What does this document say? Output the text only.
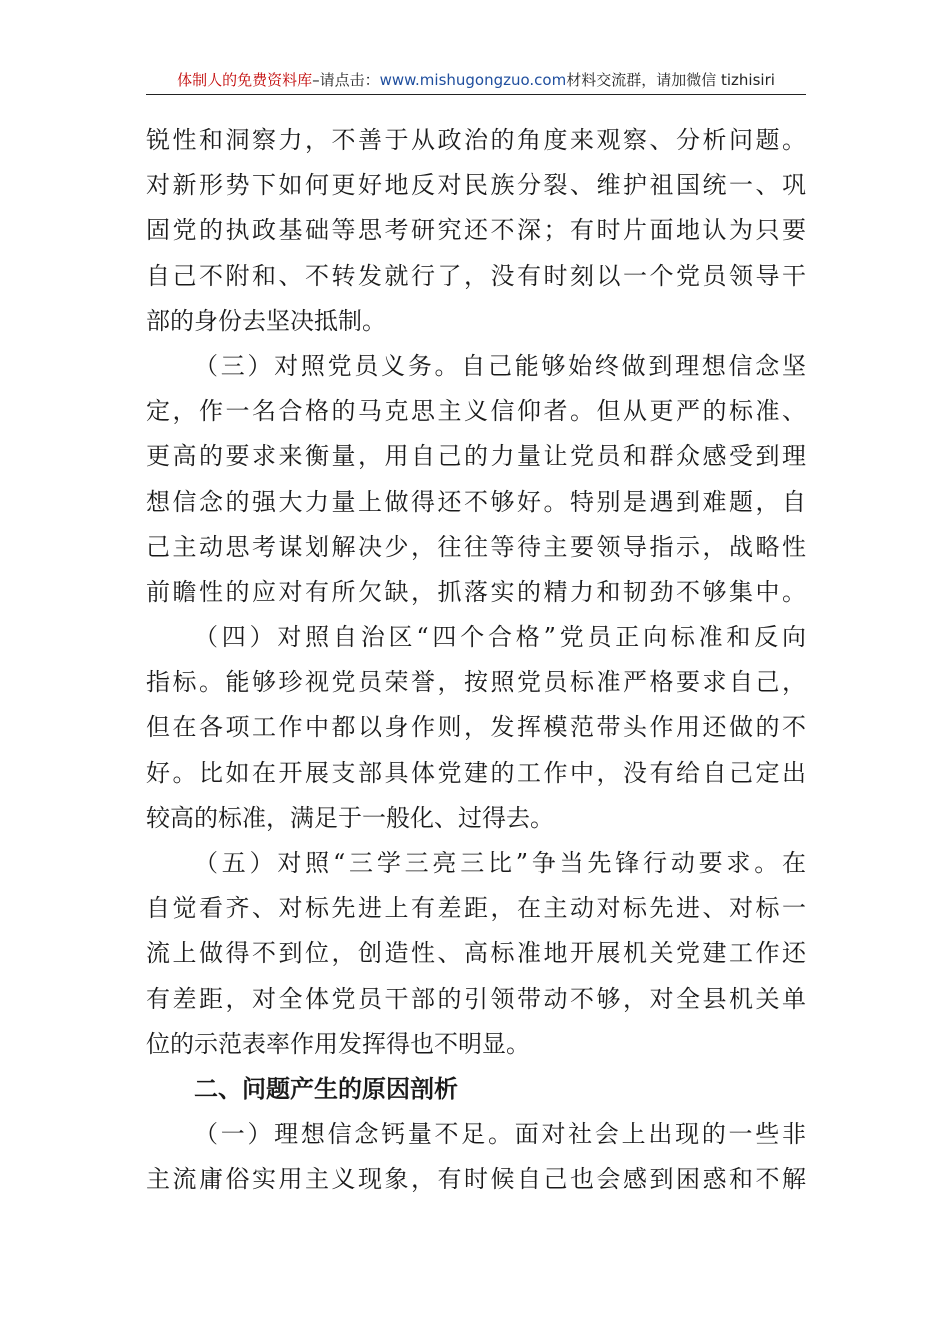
体制人的免费资料库–请点击：www.mishugongzuo.com材料交流群，请加微信 tizhisiri
锐性和洞察力，不善于从政治的角度来观察、分析问题。
对新形势下如何更好地反对民族分裂、维护祖国统一、巩
固党的执政基础等思考研究还不深；有时片面地认为只要
自己不附和、不转发就行了，没有时刻以一个党员领导干
部的身份去坚决抵制。
（三）对照党员义务。自己能够始终做到理想信念坚
定，作一名合格的马克思主义信仰者。但从更严的标准、
更高的要求来衡量，用自己的力量让党员和群众感受到理
想信念的强大力量上做得还不够好。特别是遇到难题，自
己主动思考谋划解决少，往往等待主要领导指示，战略性
前瞻性的应对有所欠缺，抓落实的精力和韧劲不够集中。
（四）对照自治区“四个合格”党员正向标准和反向
指标。能够珍视党员荣誉，按照党员标准严格要求自己，
但在各项工作中都以身作则，发挥模范带头作用还做的不
好。比如在开展支部具体党建的工作中，没有给自己定出
较高的标准，满足于一般化、过得去。
（五）对照“三学三亮三比”争当先锋行动要求。在
自觉看齐、对标先进上有差距，在主动对标先进、对标一
流上做得不到位，创造性、高标准地开展机关党建工作还
有差距，对全体党员干部的引领带动不够，对全县机关单
位的示范表率作用发挥得也不明显。
二、问题产生的原因剖析
（一）理想信念钙量不足。面对社会上出现的一些非
主流庸俗实用主义现象，有时候自己也会感到困惑和不解
